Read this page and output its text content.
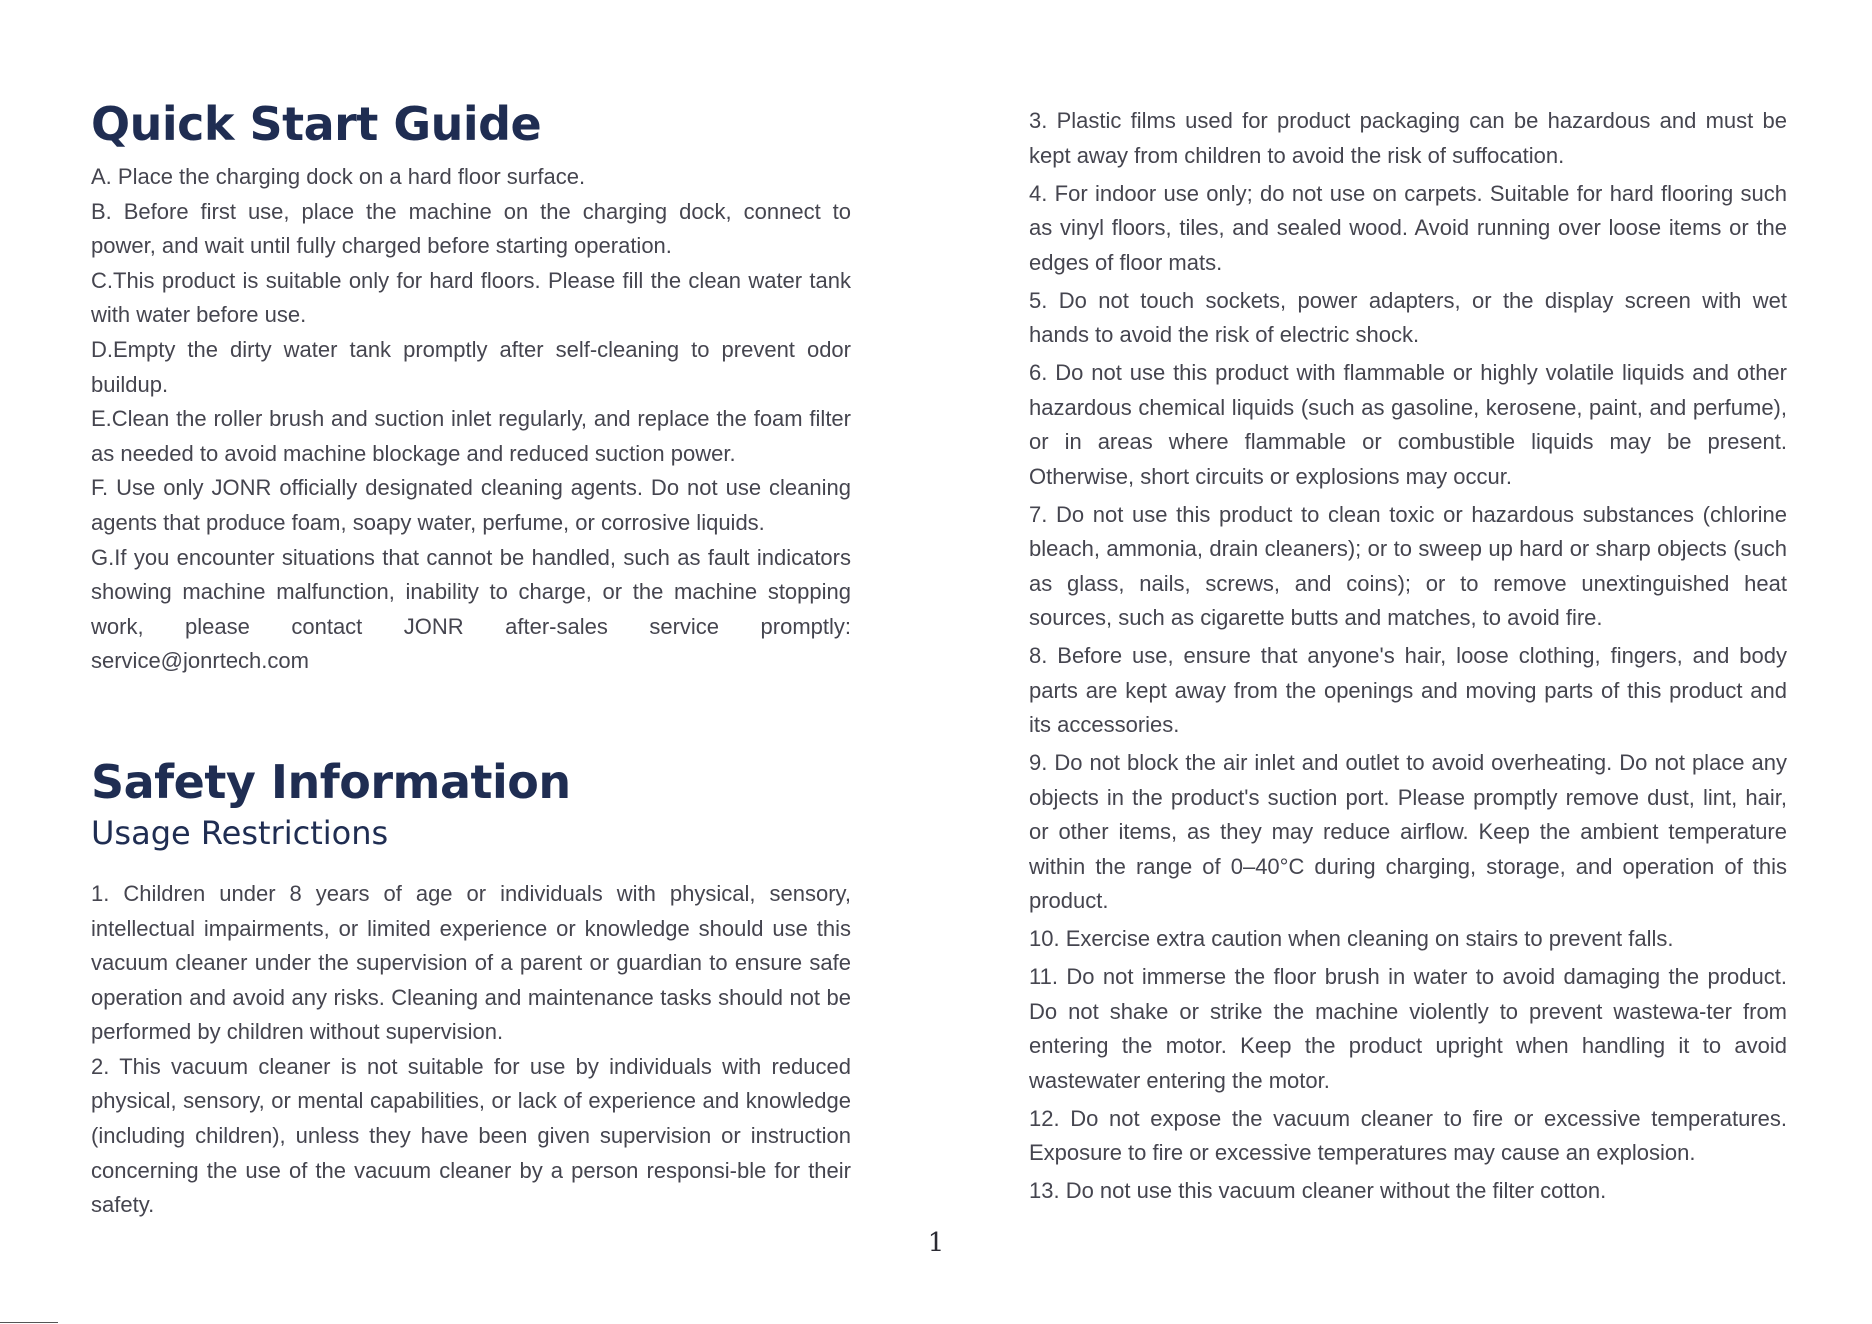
Quick Start Guide

A. Place the charging dock on a hard floor surface.

B. Before first use, place the machine on the charging dock, connect to power, and wait until fully charged before starting operation.

C.This product is suitable only for hard floors. Please fill the clean water tank with water before use.

D.Empty the dirty water tank promptly after self-cleaning to prevent odor buildup.

E.Clean the roller brush and suction inlet regularly, and replace the foam filter as needed to avoid machine blockage and reduced suction power.

F. Use only JONR officially designated cleaning agents. Do not use cleaning agents that produce foam, soapy water, perfume, or corrosive liquids.

G.If you encounter situations that cannot be handled, such as fault indicators showing machine malfunction, inability to charge, or the machine stopping work, please contact JONR after-sales service promptly: service@jonrtech.com

Safety Information
Usage Restrictions

1. Children under 8 years of age or individuals with physical, sensory, intellectual impairments, or limited experience or knowledge should use this vacuum cleaner under the supervision of a parent or guardian to ensure safe operation and avoid any risks. Cleaning and maintenance tasks should not be performed by children without supervision.

2. This vacuum cleaner is not suitable for use by individuals with reduced physical, sensory, or mental capabilities, or lack of experience and knowledge (including children), unless they have been given supervision or instruction concerning the use of the vacuum cleaner by a person responsi-ble for their safety.

3. Plastic films used for product packaging can be hazardous and must be kept away from children to avoid the risk of suffocation.

4. For indoor use only; do not use on carpets. Suitable for hard flooring such as vinyl floors, tiles, and sealed wood. Avoid running over loose items or the edges of floor mats.

5. Do not touch sockets, power adapters, or the display screen with wet hands to avoid the risk of electric shock.

6. Do not use this product with flammable or highly volatile liquids and other hazardous chemical liquids (such as gasoline, kerosene, paint, and perfume), or in areas where flammable or combustible liquids may be present. Otherwise, short circuits or explosions may occur.

7. Do not use this product to clean toxic or hazardous substances (chlorine bleach, ammonia, drain cleaners); or to sweep up hard or sharp objects (such as glass, nails, screws, and coins); or to remove unextinguished heat sources, such as cigarette butts and matches, to avoid fire.

8. Before use, ensure that anyone's hair, loose clothing, fingers, and body parts are kept away from the openings and moving parts of this product and its accessories.

9. Do not block the air inlet and outlet to avoid overheating. Do not place any objects in the product's suction port. Please promptly remove dust, lint, hair, or other items, as they may reduce airflow. Keep the ambient temperature within the range of 0–40°C during charging, storage, and operation of this product.

10. Exercise extra caution when cleaning on stairs to prevent falls.

11. Do not immerse the floor brush in water to avoid damaging the product. Do not shake or strike the machine violently to prevent wastewa-ter from entering the motor. Keep the product upright when handling it to avoid wastewater entering the motor.

12. Do not expose the vacuum cleaner to fire or excessive temperatures. Exposure to fire or excessive temperatures may cause an explosion.

13. Do not use this vacuum cleaner without the filter cotton.

1
